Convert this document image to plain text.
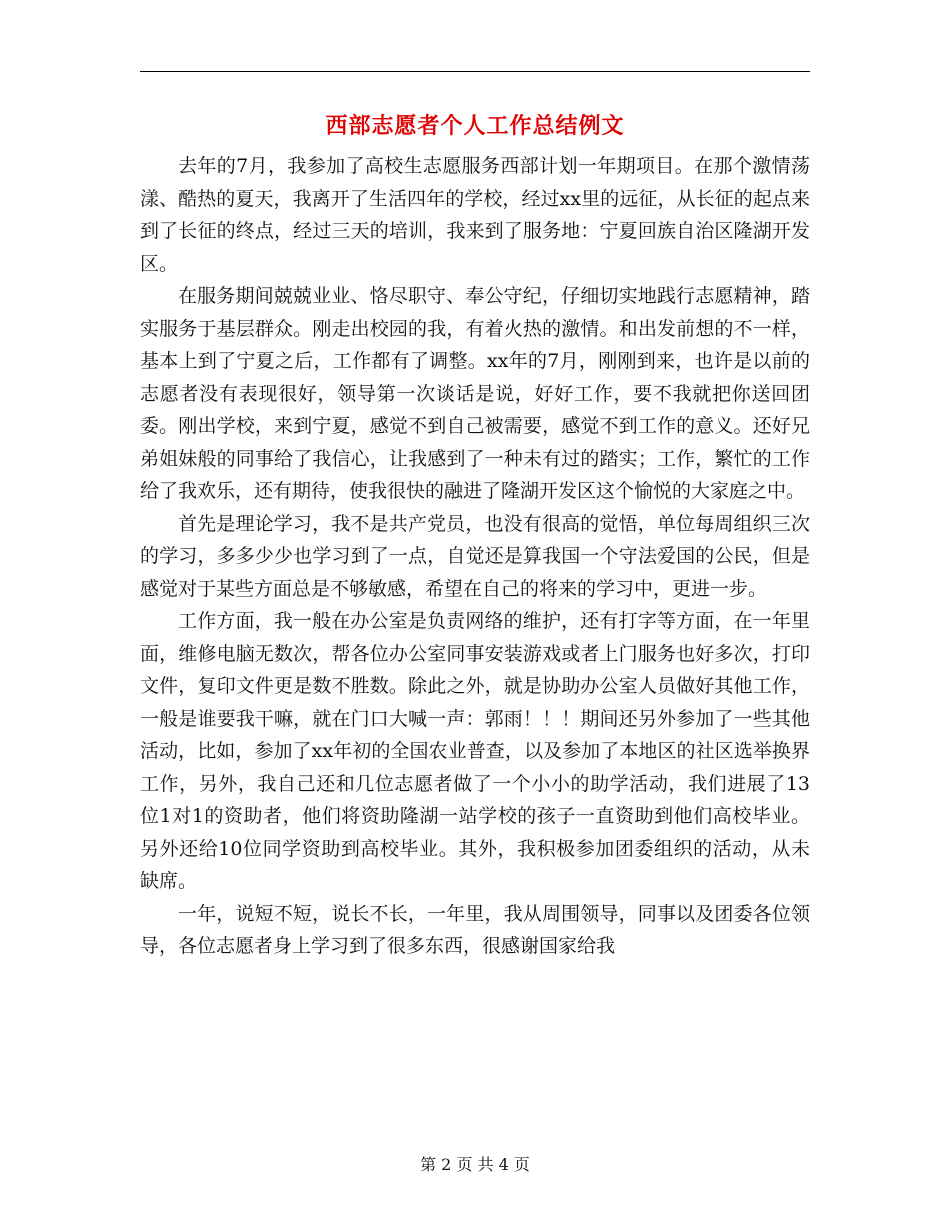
西部志愿者个人工作总结例文

去年的7月，我参加了高校生志愿服务西部计划一年期项目。在那个激情荡漾、酷热的夏天，我离开了生活四年的学校，经过xx里的远征，从长征的起点来到了长征的终点，经过三天的培训，我来到了服务地：宁夏回族自治区隆湖开发区。

在服务期间兢兢业业、恪尽职守、奉公守纪，仔细切实地践行志愿精神，踏实服务于基层群众。刚走出校园的我，有着火热的激情。和出发前想的不一样，基本上到了宁夏之后，工作都有了调整。xx年的7月，刚刚到来，也许是以前的志愿者没有表现很好，领导第一次谈话是说，好好工作，要不我就把你送回团委。刚出学校，来到宁夏，感觉不到自己被需要，感觉不到工作的意义。还好兄弟姐妹般的同事给了我信心，让我感到了一种未有过的踏实；工作，繁忙的工作给了我欢乐，还有期待，使我很快的融进了隆湖开发区这个愉悦的大家庭之中。

首先是理论学习，我不是共产党员，也没有很高的觉悟，单位每周组织三次的学习，多多少少也学习到了一点，自觉还是算我国一个守法爱国的公民，但是感觉对于某些方面总是不够敏感，希望在自己的将来的学习中，更进一步。

工作方面，我一般在办公室是负责网络的维护，还有打字等方面，在一年里面，维修电脑无数次，帮各位办公室同事安装游戏或者上门服务也好多次，打印文件，复印文件更是数不胜数。除此之外，就是协助办公室人员做好其他工作，一般是谁要我干嘛，就在门口大喊一声：郭雨！！！期间还另外参加了一些其他活动，比如，参加了xx年初的全国农业普查，以及参加了本地区的社区选举换界工作，另外，我自己还和几位志愿者做了一个小小的助学活动，我们进展了13位1对1的资助者，他们将资助隆湖一站学校的孩子一直资助到他们高校毕业。另外还给10位同学资助到高校毕业。其外，我积极参加团委组织的活动，从未缺席。

一年，说短不短，说长不长，一年里，我从周围领导，同事以及团委各位领导，各位志愿者身上学习到了很多东西，很感谢国家给我

第 2 页 共 4 页
